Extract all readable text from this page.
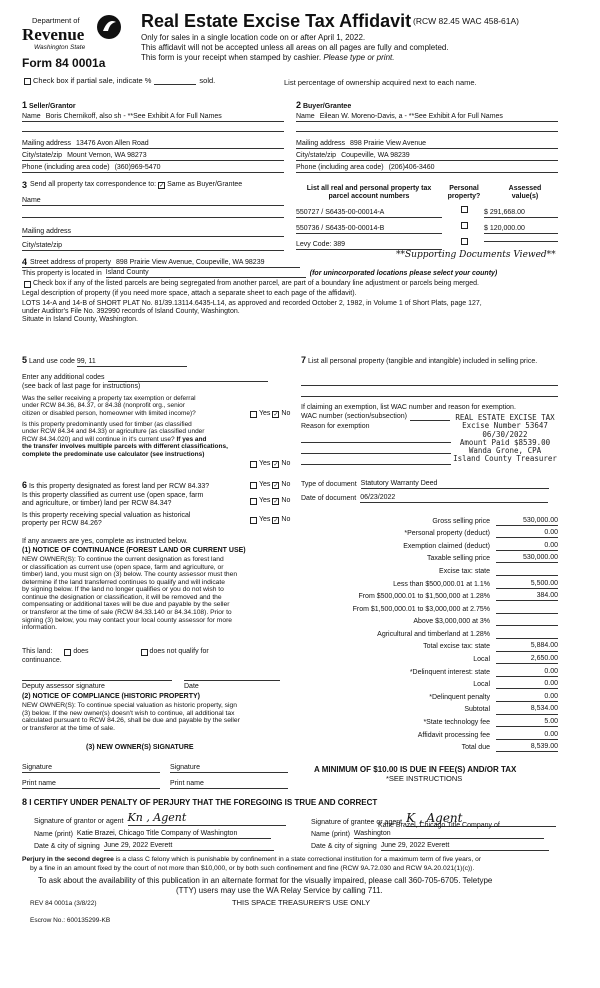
Department of
Revenue
Washington State
Form 84 0001a
Real Estate Excise Tax Affidavit (RCW 82.45 WAC 458-61A)
Only for sales in a single location code on or after April 1, 2022.
This affidavit will not be accepted unless all areas on all pages are fully and completed.
This form is your receipt when stamped by cashier. Please type or print.
Check box if partial sale, indicate %	sold.	List percentage of ownership acquired next to each name.
1 Seller/Grantor
Name Boris Chernikoff, also sh - **See Exhibit A for Full Names
Mailing address 13476 Avon Allen Road
City/state/zip Mount Vernon, WA 98273
Phone (including area code) (360)969-5470
2 Buyer/Grantee
Name Eilean W. Moreno-Davis, a - **See Exhibit A for Full Names
Mailing address 898 Prairie View Avenue
City/state/zip Coupeville, WA 98239
Phone (including area code) (206)406-3460
3 Send all property tax correspondence to: ✓ Same as Buyer/Grantee
Name
Mailing address
City/state/zip
List all real and personal property tax
parcel account numbers
Personal
property?
Assessed
value(s)
550727 / S6435-00-00014-A	$ 291,668.00
550736 / S6435-00-00014-B	$ 120,000.00
Levy Code: 389
**Supporting Documents Viewed**
4 Street address of property 898 Prairie View Avenue, Coupeville, WA 98239
This property is located in Island County	(for unincorporated locations please select your county)
Check box if any of the listed parcels are being segregated from another parcel, are part of a boundary line adjustment or parcels being merged.
Legal description of property (if you need more space, attach a separate sheet to each page of the affidavit).
LOTS 14-A and 14-B of SHORT PLAT No. 81/39.13114.6435-L14, as approved and recorded October 2, 1982, in Volume 1 of Short Plats, page 127,
under Auditor's File No. 392990 records of Island County, Washington.
Situate in Island County, Washington.
5 Land use code 99, 11
Enter any additional codes
(see back of last page for instructions)
Was the seller receiving a property tax exemption or deferral
under RCW 84.36, 84.37, or 84.38 (nonprofit org., senior
citizen or disabled person, homeowner with limited income)?	Yes ✓ No
Is this property predominantly used for timber (as classified
under RCW 84.34 and 84.33) or agriculture (as classified under
RCW 84.34.020) and will continue in it's current use? If yes and
the transfer involves multiple parcels with different classifications,
complete the predominate use calculator (see instructions)
Yes ✓ No
7 List all personal property (tangible and intangible) included in selling price.
If claiming an exemption, list WAC number and reason for exemption.
WAC number (section/subsection)
Reason for exemption
REAL ESTATE EXCISE TAX
Excise Number 53647
06/30/2022
Amount Paid $8539.00
Wanda Grone, CPA
Island County Treasurer
6 Is this property designated as forest land per RCW 84.33?	Yes ✓ No
Is this property classified as current use (open space, farm
and agriculture, or timber) land per RCW 84.34?	Yes ✓ No
Is this property receiving special valuation as historical
property per RCW 84.26?
Yes ✓ No
If any answers are yes, complete as instructed below.
(1) NOTICE OF CONTINUANCE (FOREST LAND OR CURRENT USE)
NEW OWNER(S): To continue the current designation as forest land
or classification as current use (open space, farm and agriculture, or
timber) land, you must sign on (3) below. The county assessor must then
determine if the land transferred continues to qualify and will indicate
by signing below. If the land no longer qualifies or you do not wish to
continue the designation or classification, it will be removed and the
compensating or additional taxes will be due and payable by the seller
or transferor at the time of sale (RCW 84.33.140 or 84.34.108). Prior to
signing (3) below, you may contact your local county assessor for more
information.
This land:	does	does not qualify for
continuance.
Deputy assessor signature	Date
(2) NOTICE OF COMPLIANCE (HISTORIC PROPERTY)
NEW OWNER(S): To continue special valuation as historic property, sign
(3) below. If the new owner(s) doesn't wish to continue, all additional tax
calculated pursuant to RCW 84.26, shall be due and payable by the seller
or transferor at the time of sale.
(3) NEW OWNER(S) SIGNATURE
Signature	Signature
Print name	Print name
Type of document Statutory Warranty Deed
Date of document 06/23/2022
Gross selling price	530,000.00
*Personal property (deduct)	0.00
Exemption claimed (deduct)	0.00
Taxable selling price	530,000.00
Excise tax: state
Less than $500,000.01 at 1.1%	5,500.00
From $500,000.01 to $1,500,000 at 1.28%	384.00
From $1,500,000.01 to $3,000,000 at 2.75%
Above $3,000,000 at 3%
Agricultural and timberland at 1.28%
Total excise tax: state	5,884.00
Local	2,650.00
*Delinquent interest: state	0.00
Local	0.00
*Delinquent penalty	0.00
Subtotal	8,534.00
*State technology fee	5.00
Affidavit processing fee	0.00
Total due	8,539.00
A MINIMUM OF $10.00 IS DUE IN FEE(S) AND/OR TAX
*SEE INSTRUCTIONS
8 I CERTIFY UNDER PENALTY OF PERJURY THAT THE FOREGOING IS TRUE AND CORRECT
Signature of grantor or agent Kn , Agent
Name (print) Katie Brazei, Chicago Title Company of Washington
Date & city of signing June 29, 2022 Everett
Signature of grantee or agent K , Agent
Katie Brazel, Chicago Title Company of
Name (print) Washington
Date & city of signing June 29, 2022 Everett
Perjury in the second degree is a class C felony which is punishable by confinement in a state correctional institution for a maximum term of five years, or
by a fine in an amount fixed by the court of not more than $10,000, or by both such confinement and fine (RCW 9A.72.030 and RCW 9A.20.021(1)(c)).
To ask about the availability of this publication in an alternate format for the visually impaired, please call 360-705-6705. Teletype
(TTY) users may use the WA Relay Service by calling 711.
REV 84 0001a (3/8/22)	THIS SPACE TREASURER'S USE ONLY
Escrow No.: 600135299-KB
